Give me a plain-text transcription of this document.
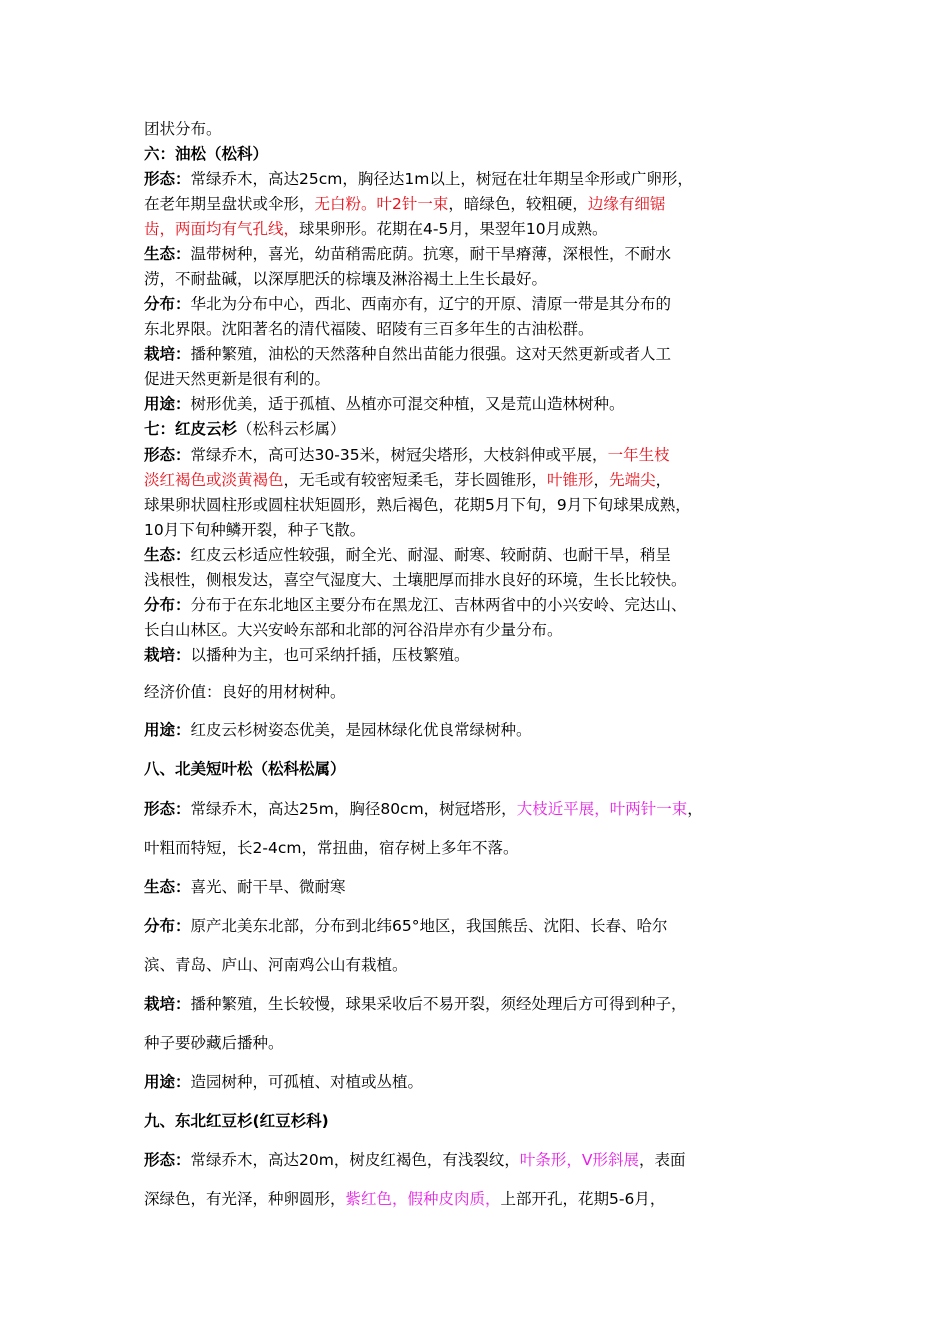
团状分布。
六：油松（松科）
形态：常绿乔木，高达25cm，胸径达1m以上，树冠在壮年期呈伞形或广卵形，
在老年期呈盘状或伞形，无白粉。叶2针一束，暗绿色，较粗硬，边缘有细锯
齿，两面均有气孔线，球果卵形。花期在4-5月，果翌年10月成熟。
生态：温带树种，喜光，幼苗稍需庇荫。抗寒，耐干旱瘠薄，深根性，不耐水
涝，不耐盐碱，以深厚肥沃的棕壤及淋浴褐土上生长最好。
分布：华北为分布中心，西北、西南亦有，辽宁的开原、清原一带是其分布的
东北界限。沈阳著名的清代福陵、昭陵有三百多年生的古油松群。
栽培：播种繁殖，油松的天然落种自然出苗能力很强。这对天然更新或者人工
促进天然更新是很有利的。
用途：树形优美，适于孤植、丛植亦可混交种植，又是荒山造林树种。
七：红皮云杉（松科云杉属）
形态：常绿乔木，高可达30-35米，树冠尖塔形，大枝斜伸或平展，一年生枝
淡红褐色或淡黄褐色，无毛或有较密短柔毛，芽长圆锥形，叶锥形，先端尖，
球果卵状圆柱形或圆柱状矩圆形，熟后褐色，花期5月下旬，9月下旬球果成熟，
10月下旬种鳞开裂，种子飞散。
生态：红皮云杉适应性较强，耐全光、耐湿、耐寒、较耐荫、也耐干旱，稍呈
浅根性，侧根发达，喜空气湿度大、土壤肥厚而排水良好的环境，生长比较快。
分布：分布于在东北地区主要分布在黑龙江、吉林两省中的小兴安岭、完达山、
长白山林区。大兴安岭东部和北部的河谷沿岸亦有少量分布。
栽培：以播种为主，也可采纳扦插，压枝繁殖。
经济价值：良好的用材树种。
用途：红皮云杉树姿态优美，是园林绿化优良常绿树种。
八、北美短叶松（松科松属）
形态：常绿乔木，高达25m，胸径80cm，树冠塔形，大枝近平展，叶两针一束，
叶粗而特短，长2-4cm，常扭曲，宿存树上多年不落。
生态：喜光、耐干旱、微耐寒
分布：原产北美东北部，分布到北纬65°地区，我国熊岳、沈阳、长春、哈尔
滨、青岛、庐山、河南鸡公山有栽植。
栽培：播种繁殖，生长较慢，球果采收后不易开裂，须经处理后方可得到种子，
种子要砂藏后播种。
用途：造园树种，可孤植、对植或丛植。
九、东北红豆杉(红豆杉科)
形态：常绿乔木，高达20m，树皮红褐色，有浅裂纹，叶条形，V形斜展，表面
深绿色，有光泽，种卵圆形，紫红色，假种皮肉质，上部开孔，花期5-6月，
